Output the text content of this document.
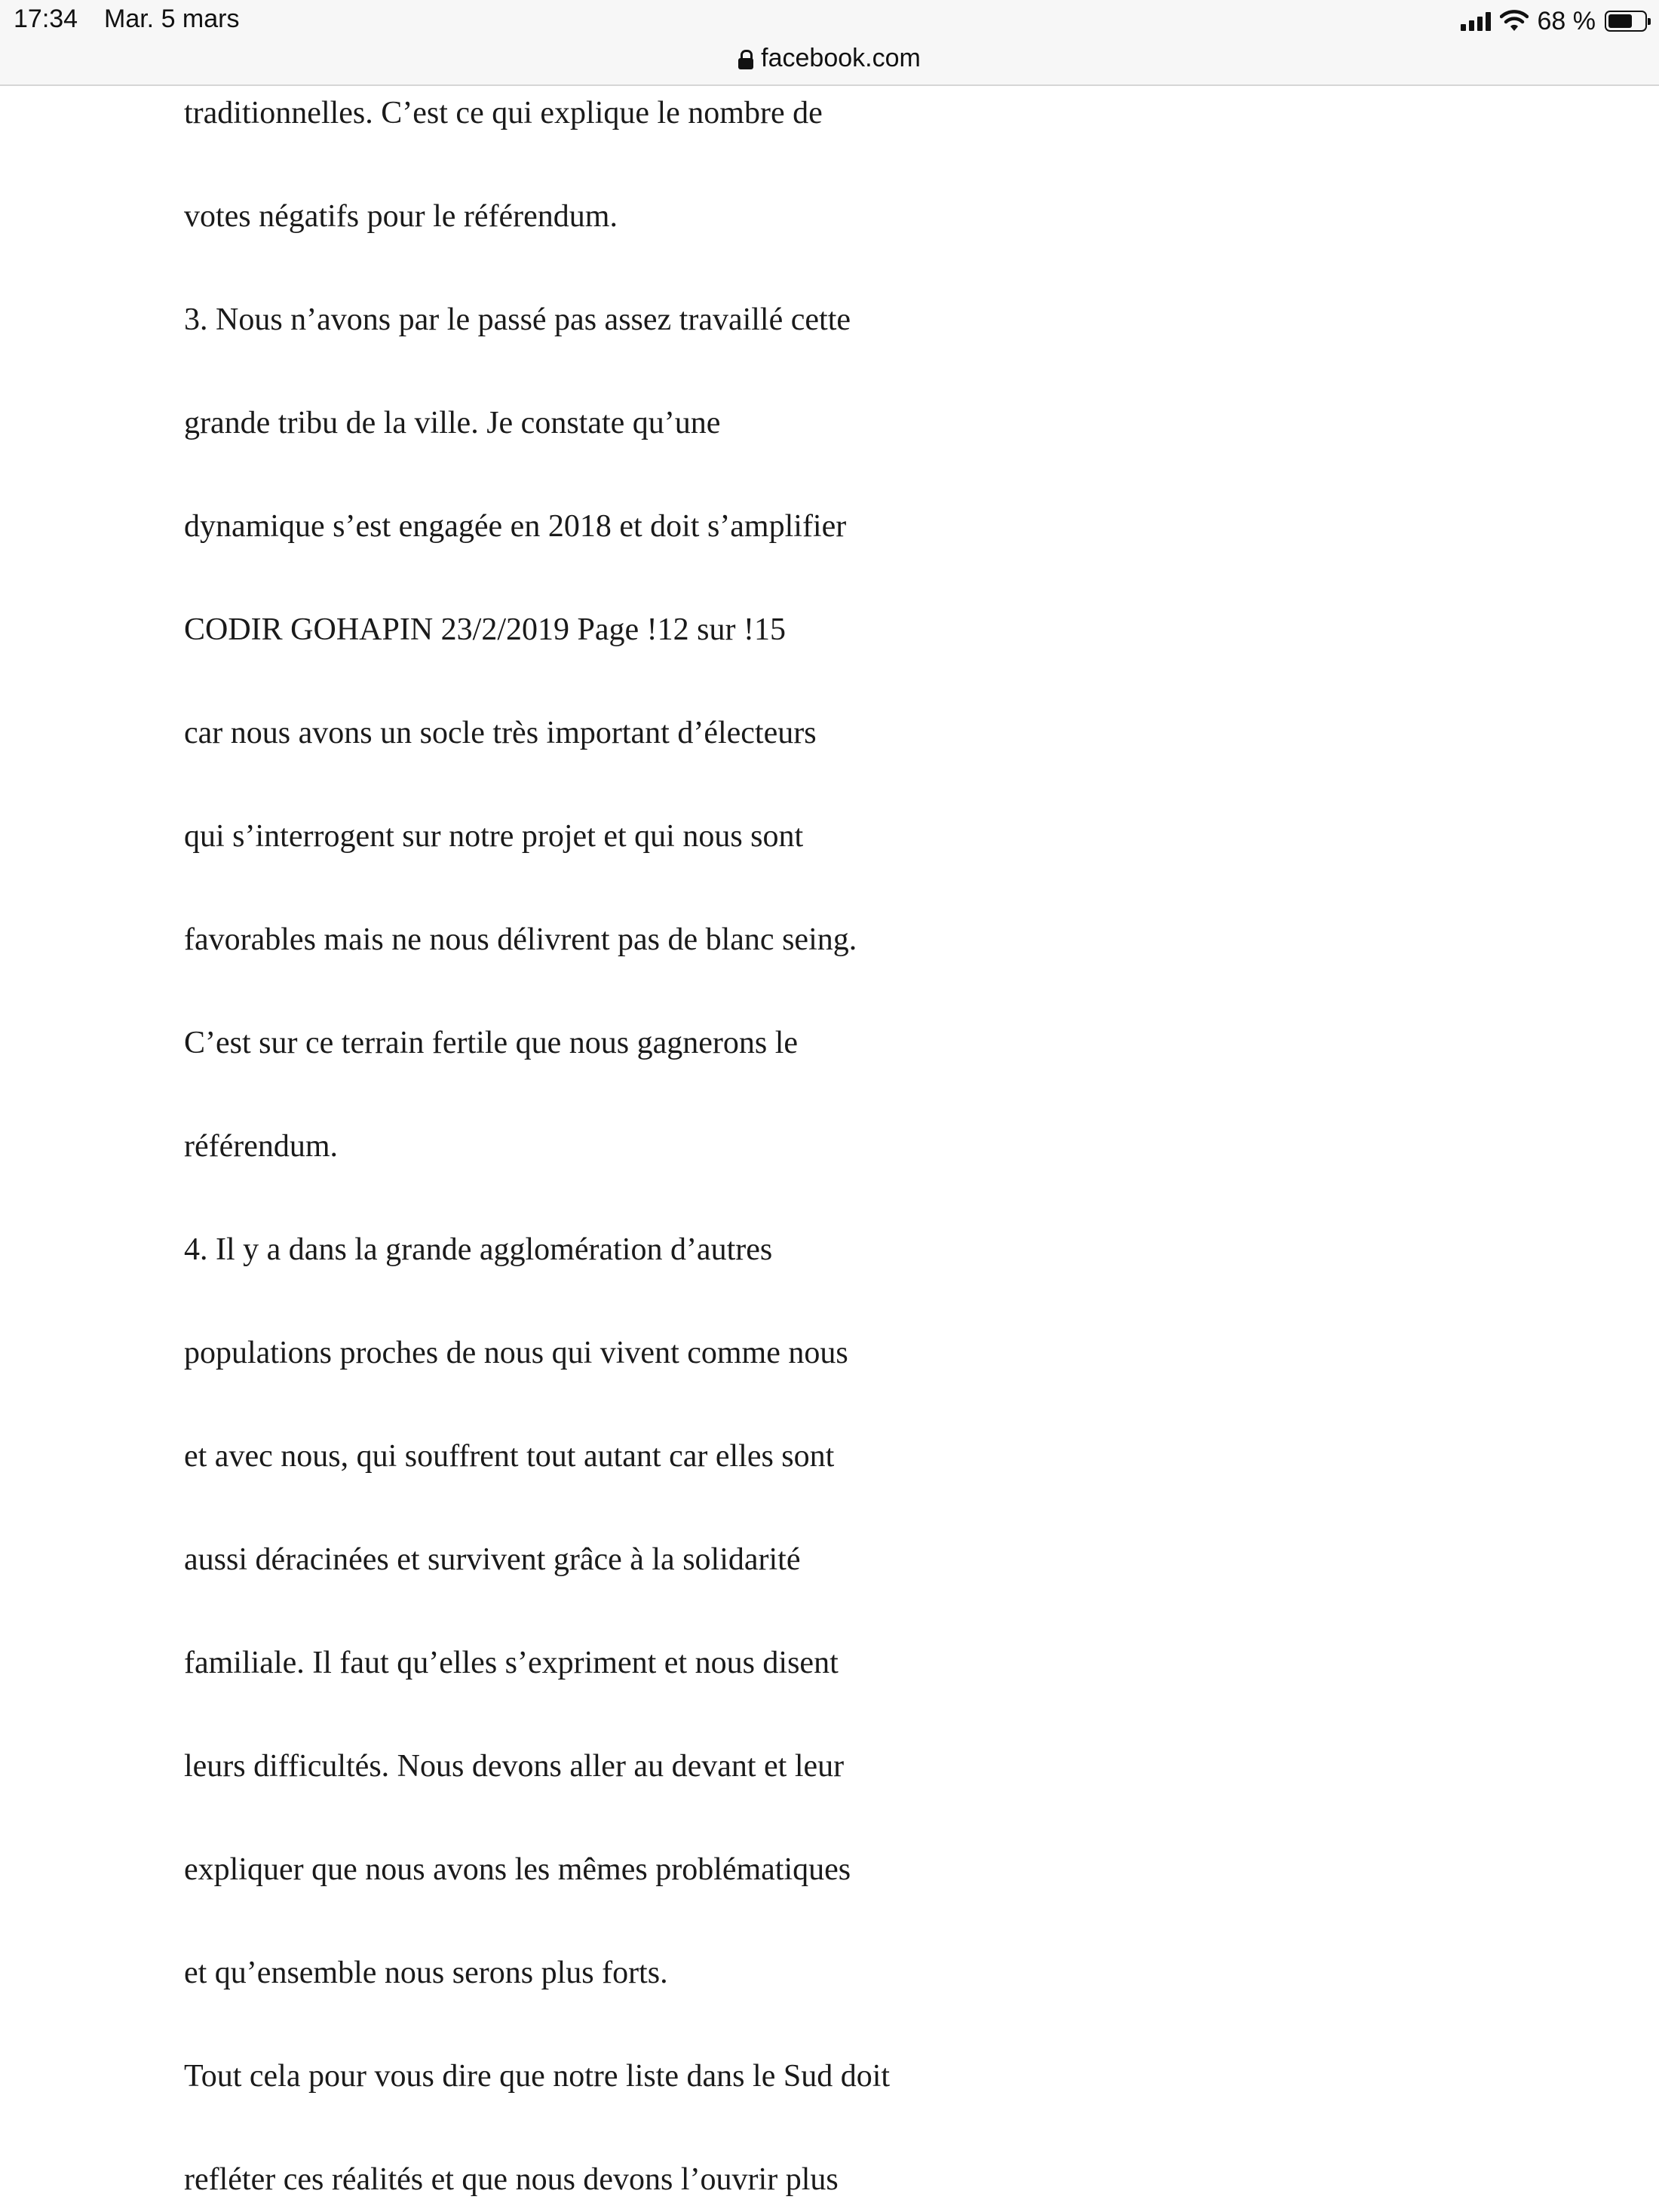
17:34 Mar. 5 mars	68 %
facebook.com
traditionnelles. C’est ce qui explique le nombre de
votes négatifs pour le référendum.
3. Nous n’avons par le passé pas assez travaillé cette
grande tribu de la ville. Je constate qu’une
dynamique s’est engagée en 2018 et doit s’amplifier
CODIR GOHAPIN 23/2/2019 Page !12 sur !15
car nous avons un socle très important d’électeurs
qui s’interrogent sur notre projet et qui nous sont
favorables mais ne nous délivrent pas de blanc seing.
C’est sur ce terrain fertile que nous gagnerons le
référendum.
4. Il y a dans la grande agglomération d’autres
populations proches de nous qui vivent comme nous
et avec nous, qui souffrent tout autant car elles sont
aussi déracinées et survivent grâce à la solidarité
familiale. Il faut qu’elles s’expriment et nous disent
leurs difficultés. Nous devons aller au devant et leur
expliquer que nous avons les mêmes problématiques
et qu’ensemble nous serons plus forts.
Tout cela pour vous dire que notre liste dans le Sud doit
refléter ces réalités et que nous devons l’ouvrir plus
